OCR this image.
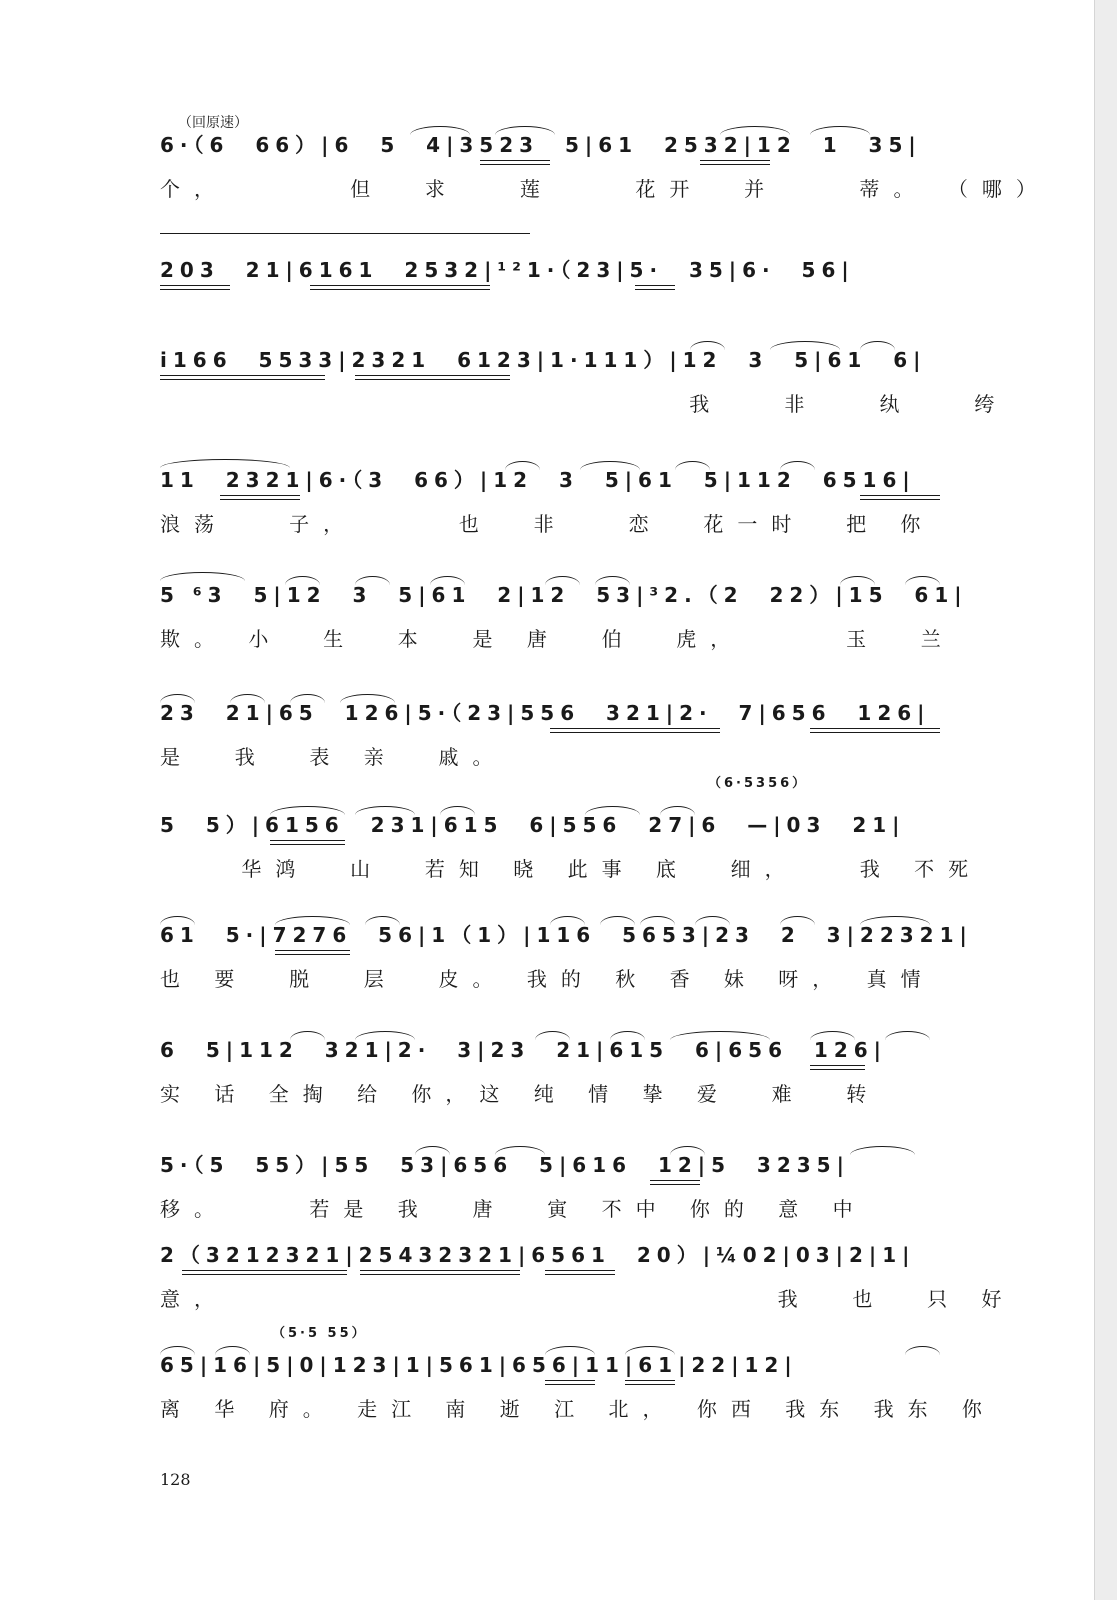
（回原速）
6·（6  66）|6  5  4|3523  5|61  2532|12  1  35|
个，      但  求   莲    花开  并    蒂。 （哪）
203  21|6161  2532|¹²1·（23|5·  35|6·  56|
i166  5533|2321  6123|1·111）|12  3  5|61  6|
我   非   纨   绔
11  2321|6·（3  66）|12  3  5|61  5|112  6516|
浪荡   子，     也  非   恋  花一时  把 你
5 ⁶3  5|12  3  5|61  2|12  53|³2.（2  22）|15  61|
欺。 小  生  本  是 唐  伯  虎，     玉  兰
23  21|65  126|5·（23|556  321|2·  7|656  126|
是  我  表 亲  戚。
（6·5356）
5  5）|6156  231|615  6|556  27|6  —|03  21|
华鸿  山  若知 晓 此事 底  细，   我 不死
61  5·|7276  56|1（1）|116  5653|23  2  3|22321|
也 要  脱  层  皮。 我的 秋 香 妹 呀， 真情
6  5|112  321|2·  3|23  21|615  6|656  126|
实 话 全掏 给 你，这 纯 情 挚 爱  难  转
5·（5  55）|55  53|656  5|616  12|5  3235|
移。    若是 我  唐  寅 不中 你的 意 中
2（3212321|25432321|6561  20）|¼02|03|2|1|
意，                           我  也  只 好
（5·5 55）
65|16|5|0|123|1|561|656|11|61|22|12|
离 华 府。 走江 南 逝 江 北， 你西 我东 我东 你
128
